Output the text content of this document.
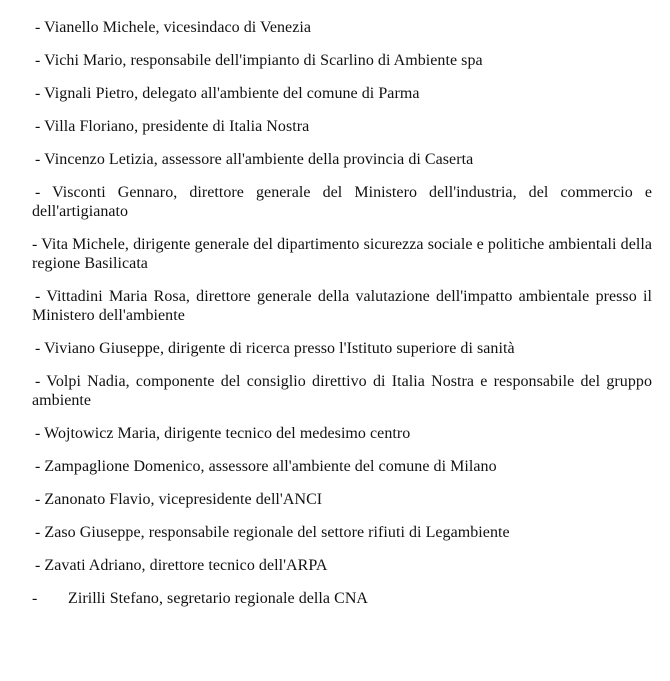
- Vianello Michele, vicesindaco di Venezia

- Vichi Mario, responsabile dell'impianto di Scarlino di Ambiente spa

- Vignali Pietro, delegato all'ambiente del comune di Parma

- Villa Floriano, presidente di Italia Nostra

- Vincenzo Letizia, assessore all'ambiente della provincia di Caserta

- Visconti Gennaro, direttore generale del Ministero dell'industria, del commercio e dell'artigianato

- Vita Michele, dirigente generale del dipartimento sicurezza sociale e politiche ambientali della regione Basilicata

- Vittadini Maria Rosa, direttore generale della valutazione dell'impatto ambientale presso il Ministero dell'ambiente

- Viviano Giuseppe, dirigente di ricerca presso l'Istituto superiore di sanità

- Volpi Nadia, componente del consiglio direttivo di Italia Nostra e responsabile del gruppo ambiente

- Wojtowicz Maria, dirigente tecnico del medesimo centro

- Zampaglione Domenico, assessore all'ambiente del comune di Milano

- Zanonato Flavio, vicepresidente dell'ANCI

- Zaso Giuseppe, responsabile regionale del settore rifiuti di Legambiente

- Zavati Adriano, direttore tecnico dell'ARPA

- Zirilli Stefano, segretario regionale della CNA
